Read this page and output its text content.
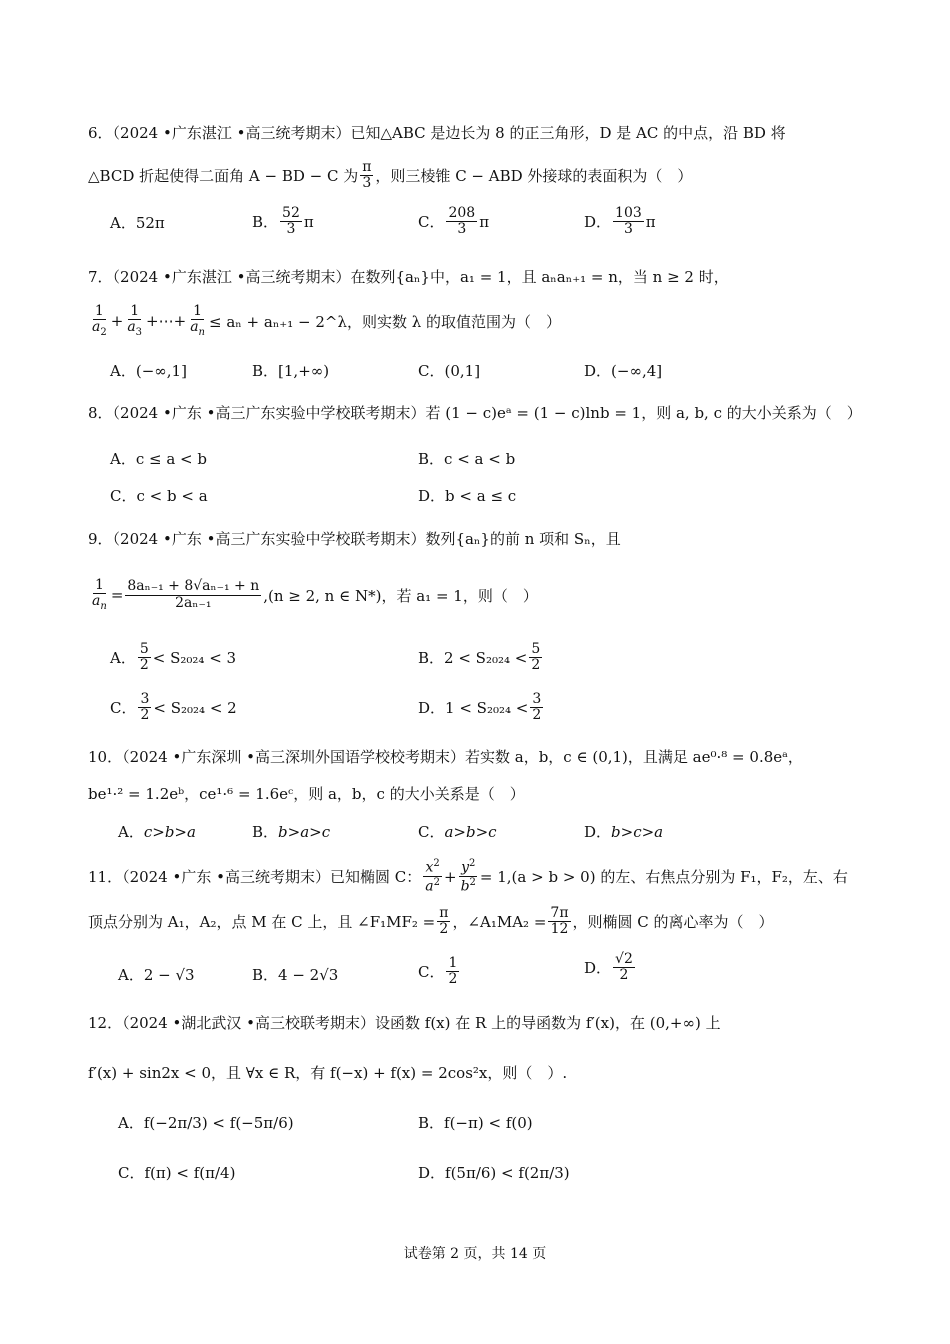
6．（2024 •广东湛江 •高三统考期末）已知△ABC 是边长为 8 的正三角形，D 是 AC 的中点，沿 BD 将
△BCD 折起使得二面角 A − BD − C 为 $\frac{\pi}{3}$ ，则三棱锥 C − ABD 外接球的表面积为（　）
A． 52π	B． $\frac{52}{3}$ π	C． $\frac{208}{3}$ π	D． $\frac{103}{3}$ π
7．（2024 •广东湛江 •高三统考期末）在数列{aₙ}中，a₁ = 1，且 aₙaₙ₊₁ = n，当 n ≥ 2 时，
$\frac{1}{a_2} + \frac{1}{a_3}$ +⋯+ $\frac{1}{a_n} \le a_n + a_{n+1}$ − 2^λ，则实数 λ 的取值范围为（　）
A． (−∞,1]	B． [1,+∞)	C． (0,1]	D． (−∞,4]
8．（2024 •广东 •高三广东实验中学校联考期末）若 (1 − c)eᵃ = (1 − c)lnb = 1，则 a, b, c 的大小关系为（　）
A． c ≤ a < b	B． c < a < b
C． c < b < a	D． b < a ≤ c
9．（2024 •广东 •高三广东实验中学校联考期末）数列{aₙ}的前 n 项和 Sₙ，且
$\frac{1}{a_n} = \frac{\text{8aₙ₋₁ + 8√aₙ₋₁ + n}}{\text{2aₙ₋₁}} ,(n \ge 2$, n ∈ N*)，若 a₁ = 1，则（　）
A． $\frac{5}{2} < S_{2024} < 3$	B． $2 < S_{2024} < \frac{5}{2}$
C． $\frac{3}{2} < S_{2024} < 2$	D． $1 < S_{2024} < \frac{3}{2}$
10．（2024 •广东深圳 •高三深圳外国语学校校考期末）若实数 a，b，c ∈ (0,1)，且满足 ae⁰·⁸ = 0.8eᵃ，
be¹·² = 1.2eᵇ，ce¹·⁶ = 1.6eᶜ，则 a，b，c 的大小关系是（　）
A． c>b>a	B． b>a>c	C． a>b>c	D． b>c>a
11．（2024 •广东 •高三统考期末）已知椭圆 C： $\frac{x^2}{a^2} + \frac{y^2}{b^2} = 1,(a > b > 0)$ 的左、右焦点分别为 F₁，F₂，左、右
顶点分别为 A₁，A₂，点 M 在 C 上，且 ∠F₁MF₂ = $\frac{\pi}{2}$ ，∠A₁MA₂ = $\frac{7\pi}{12}$ ，则椭圆 C 的离心率为（　）
A． 2 − √3	B． 4 − 2√3	C． $\frac{1}{2}$	D． $\frac{√2}{2}$
12．（2024 •湖北武汉 •高三校联考期末）设函数 f(x) 在 R 上的导函数为 f′(x)，在 (0,+∞) 上
f′(x) + sin2x < 0，且 ∀x ∈ R，有 f(−x) + f(x) = 2cos²x，则（　）.
A． f(−2π/3) < f(−5π/6)	B． f(−π) < f(0)
C． f(π) < f(π/4)	D． f(5π/6) < f(2π/3)
试卷第 2 页，共 14 页
